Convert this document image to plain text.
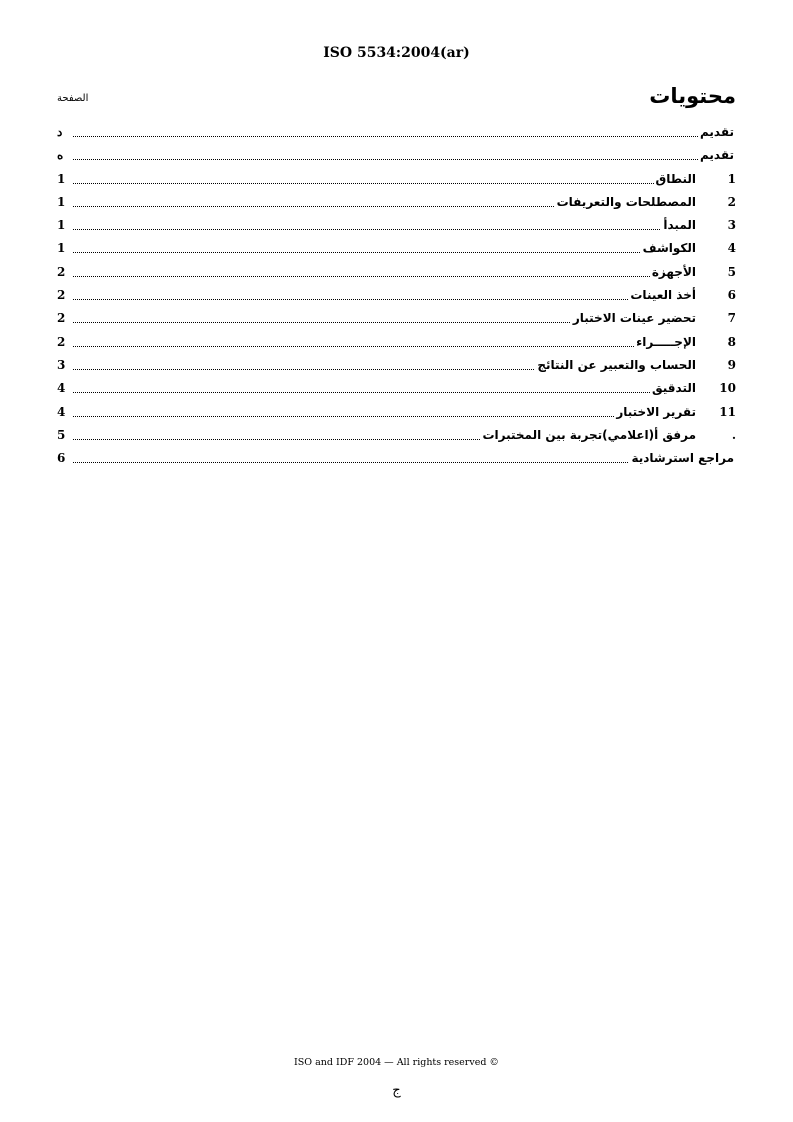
ISO 5534:2004(ar)
محتويات
الصفحة
د	تقديم
ه	تقديم
1	النطاق	1
1	المصطلحات والتعريفات	2
1	المبدأ	3
1	الكواشف	4
2	الأجهزة	5
2	أخذ العينات	6
2	تحضير عينات الاختبار	7
2	الإجـــــراء	8
3	الحساب والتعبير عن النتائج	9
4	التدقيق	10
4	تقرير الاختبار	11
5	مرفق أ(اعلامي)تجربة بين المختبرات	.
6	مراجع استرشادية
ISO and IDF 2004 — All rights reserved ©
ج
